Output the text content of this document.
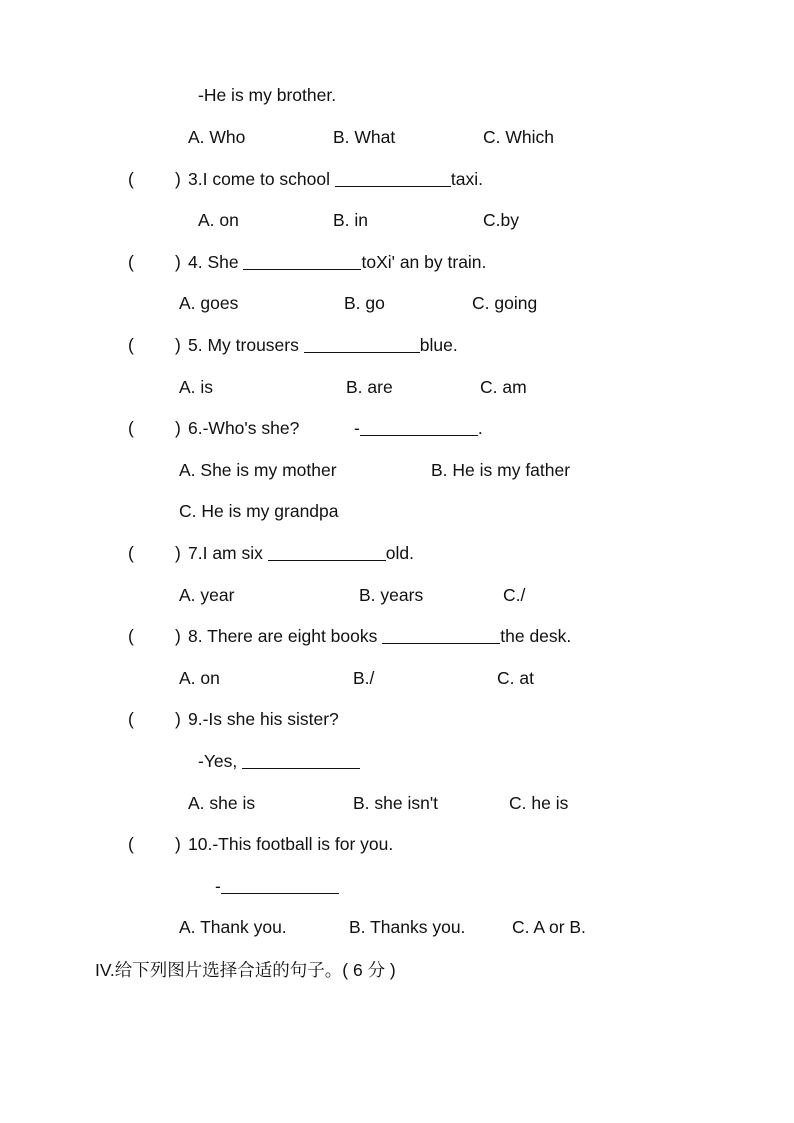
-He is my brother.
A. Who	B. What	C. Which
( ) 3.I come to school	taxi.
A. on	B. in	C.by
( ) 4. She	toXi' an by train.
A. goes	B. go	C. going
( ) 5. My trousers	blue.
A. is	B. are	C. am
( ) 6.-Who's she?	-	.
A. She is my mother	B. He is my father
C. He is my grandpa
( ) 7.I am six	old.
A. year	B. years	C./
( ) 8. There are eight books	the desk.
A. on	B./	C. at
( ) 9.-Is she his sister?
-Yes,
A. she is	B. she isn't	C. he is
( ) 10.-This football is for you.
-
A. Thank you.	B. Thanks you.	C. A or B.
IV.给下列图片选择合适的句子。( 6 分 )
